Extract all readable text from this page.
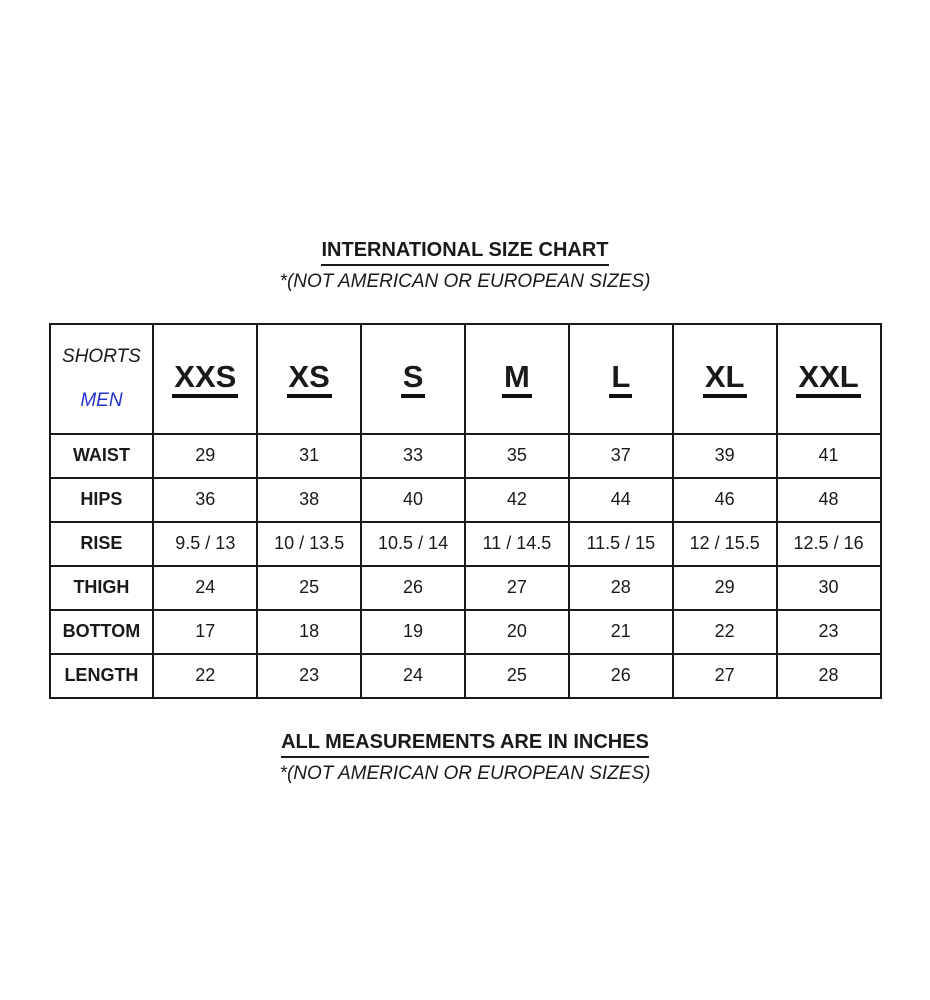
INTERNATIONAL SIZE CHART
*(NOT AMERICAN OR EUROPEAN SIZES)
SHORTS
MEN	XXS	XS	S	M	L	XL	XXL
WAIST	29	31	33	35	37	39	41
HIPS	36	38	40	42	44	46	48
RISE	9.5 / 13	10 / 13.5	10.5 / 14	11 / 14.5	11.5 / 15	12 / 15.5	12.5 / 16
THIGH	24	25	26	27	28	29	30
BOTTOM	17	18	19	20	21	22	23
LENGTH	22	23	24	25	26	27	28
ALL MEASUREMENTS ARE IN INCHES
*(NOT AMERICAN OR EUROPEAN SIZES)
